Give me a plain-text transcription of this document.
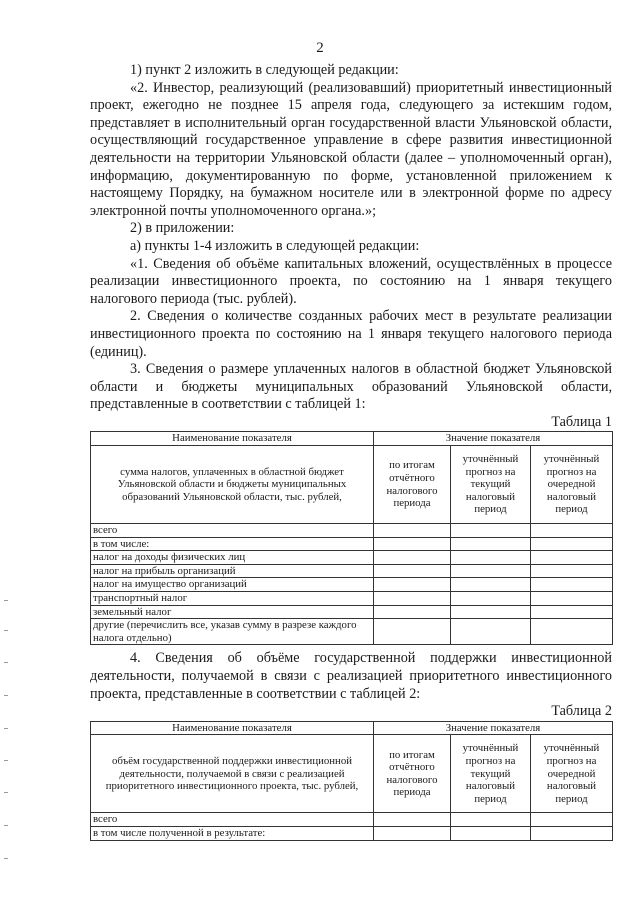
2

1) пункт 2 изложить в следующей редакции:

«2. Инвестор, реализующий (реализовавший) приоритетный инвестиционный проект, ежегодно не позднее 15 апреля года, следующего за истекшим годом, представляет в исполнительный орган государственной власти Ульяновской области, осуществляющий государственное управление в сфере развития инвестиционной деятельности на территории Ульяновской области (далее – уполномоченный орган), информацию, документированную по форме, установленной приложением к настоящему Порядку, на бумажном носителе или в электронной форме по адресу электронной почты уполномоченного органа.»;

2) в приложении:

а) пункты 1-4 изложить в следующей редакции:

«1. Сведения об объёме капитальных вложений, осуществлённых в процессе реализации инвестиционного проекта, по состоянию на 1 января текущего налогового периода (тыс. рублей).

2. Сведения о количестве созданных рабочих мест в результате реализации инвестиционного проекта по состоянию на 1 января текущего налогового периода (единиц).

3. Сведения о размере уплаченных налогов в областной бюджет Ульяновской области и бюджеты муниципальных образований Ульяновской области, представленные в соответствии с таблицей 1:

Таблица 1

Наименование показателя	Значение показателя		
сумма налогов, уплаченных в областной бюджет Ульяновской области и бюджеты муниципальных образований Ульяновской области, тыс. рублей,	по итогам отчётного налогового периода	уточнённый прогноз на текущий налоговый период	уточнённый прогноз на очередной налоговый период
всего			
в том числе:			
налог на доходы физических лиц			
налог на прибыль организаций			
налог на имущество организаций			
транспортный налог			
земельный налог			
другие (перечислить все, указав сумму в разрезе каждого налога отдельно)			

4. Сведения об объёме государственной поддержки инвестиционной деятельности, получаемой в связи с реализацией приоритетного инвестиционного проекта, представленные в соответствии с таблицей 2:

Таблица 2

Наименование показателя	Значение показателя		
объём государственной поддержки инвестиционной деятельности, получаемой в связи с реализацией приоритетного инвестиционного проекта, тыс. рублей,	по итогам отчётного налогового периода	уточнённый прогноз на текущий налоговый период	уточнённый прогноз на очередной налоговый период
всего			
в том числе полученной в результате:			
